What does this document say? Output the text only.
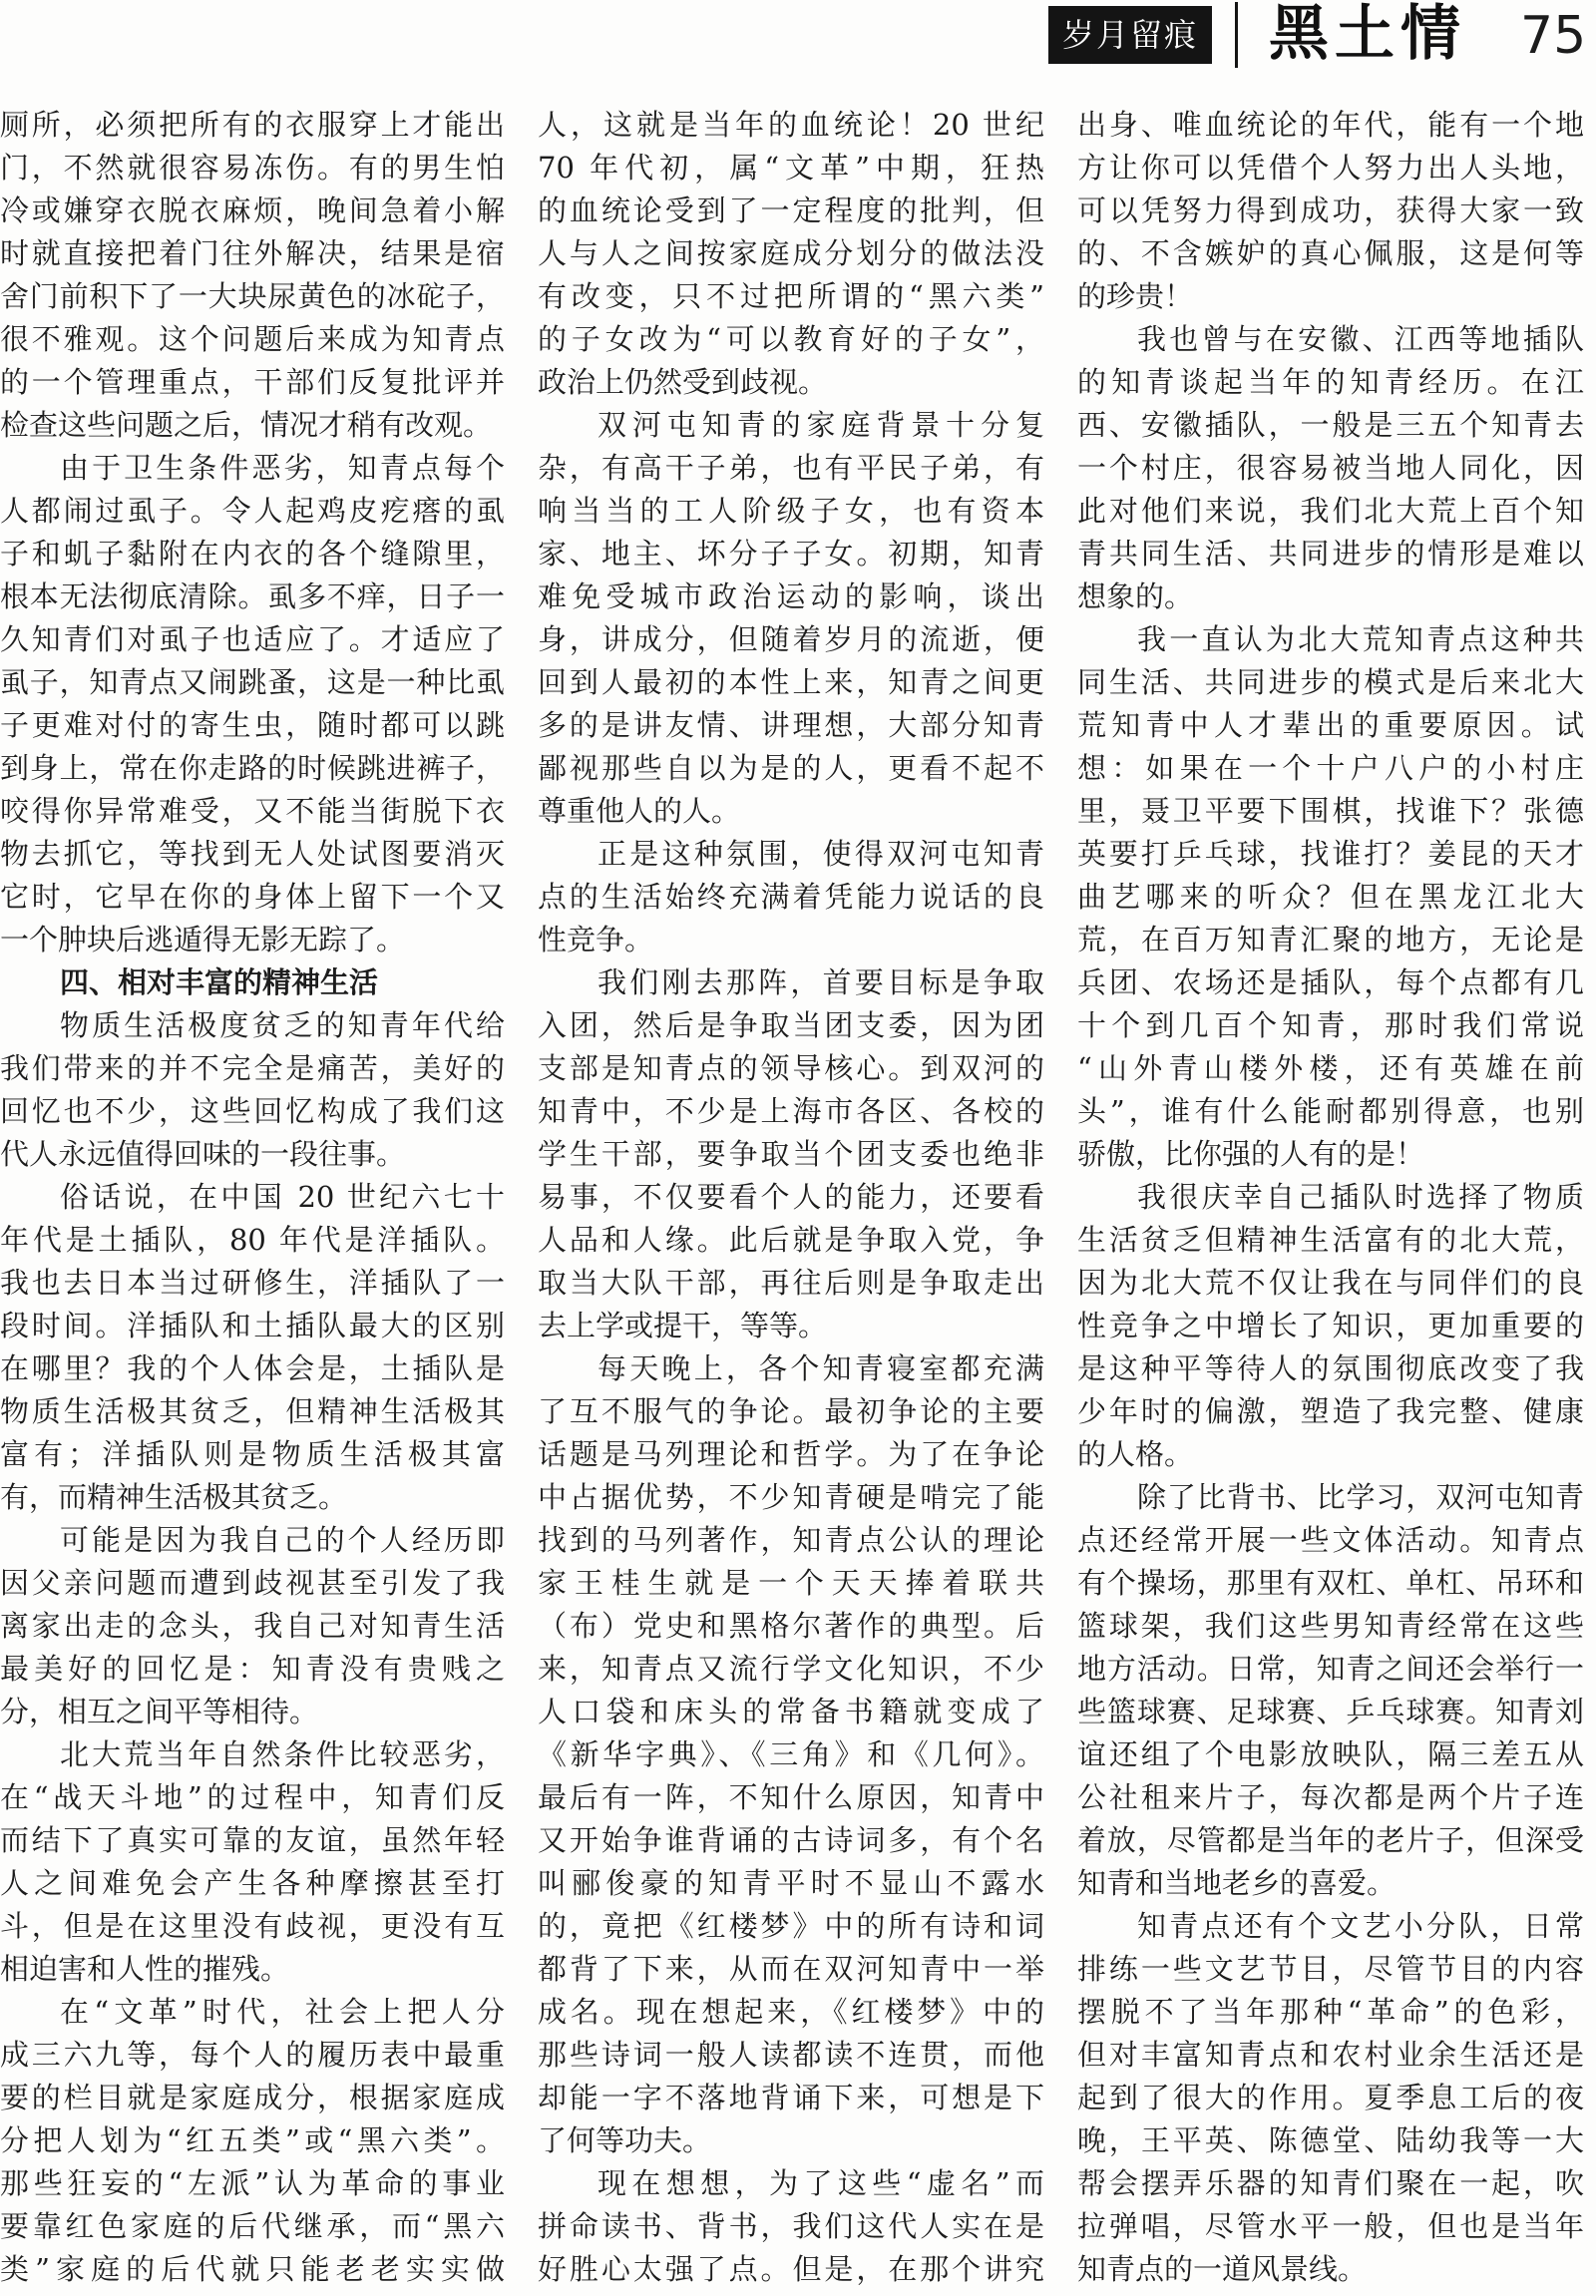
岁月留痕 黑土情 75
厕所，必须把所有的衣服穿上才能出
门，不然就很容易冻伤。有的男生怕
冷或嫌穿衣脱衣麻烦，晚间急着小解
时就直接把着门往外解决，结果是宿
舍门前积下了一大块尿黄色的冰砣子，
很不雅观。这个问题后来成为知青点
的一个管理重点，干部们反复批评并
检查这些问题之后，情况才稍有改观。
由于卫生条件恶劣，知青点每个
人都闹过虱子。令人起鸡皮疙瘩的虱
子和虮子黏附在内衣的各个缝隙里，
根本无法彻底清除。虱多不痒，日子一
久知青们对虱子也适应了。才适应了
虱子，知青点又闹跳蚤，这是一种比虱
子更难对付的寄生虫，随时都可以跳
到身上，常在你走路的时候跳进裤子，
咬得你异常难受，又不能当街脱下衣
物去抓它，等找到无人处试图要消灭
它时，它早在你的身体上留下一个又
一个肿块后逃遁得无影无踪了。
四、相对丰富的精神生活
物质生活极度贫乏的知青年代给
我们带来的并不完全是痛苦，美好的
回忆也不少，这些回忆构成了我们这
代人永远值得回味的一段往事。
俗话说，在中国 20 世纪六七十
年代是土插队，80 年代是洋插队。
我也去日本当过研修生，洋插队了一
段时间。洋插队和土插队最大的区别
在哪里？我的个人体会是，土插队是
物质生活极其贫乏，但精神生活极其
富有；洋插队则是物质生活极其富
有，而精神生活极其贫乏。
可能是因为我自己的个人经历即
因父亲问题而遭到歧视甚至引发了我
离家出走的念头，我自己对知青生活
最美好的回忆是：知青没有贵贱之
分，相互之间平等相待。
北大荒当年自然条件比较恶劣，
在“战天斗地”的过程中，知青们反
而结下了真实可靠的友谊，虽然年轻
人之间难免会产生各种摩擦甚至打
斗，但是在这里没有歧视，更没有互
相迫害和人性的摧残。
在“文革”时代，社会上把人分
成三六九等，每个人的履历表中最重
要的栏目就是家庭成分，根据家庭成
分把人划为“红五类”或“黑六类”。
那些狂妄的“左派”认为革命的事业
要靠红色家庭的后代继承，而“黑六
类”家庭的后代就只能老老实实做
人，这就是当年的血统论！20 世纪
70 年代初，属“文革”中期，狂热
的血统论受到了一定程度的批判，但
人与人之间按家庭成分划分的做法没
有改变，只不过把所谓的“黑六类”
的子女改为“可以教育好的子女”，
政治上仍然受到歧视。
双河屯知青的家庭背景十分复
杂，有高干子弟，也有平民子弟，有
响当当的工人阶级子女，也有资本
家、地主、坏分子子女。初期，知青
难免受城市政治运动的影响，谈出
身，讲成分，但随着岁月的流逝，便
回到人最初的本性上来，知青之间更
多的是讲友情、讲理想，大部分知青
鄙视那些自以为是的人，更看不起不
尊重他人的人。
正是这种氛围，使得双河屯知青
点的生活始终充满着凭能力说话的良
性竞争。
我们刚去那阵，首要目标是争取
入团，然后是争取当团支委，因为团
支部是知青点的领导核心。到双河的
知青中，不少是上海市各区、各校的
学生干部，要争取当个团支委也绝非
易事，不仅要看个人的能力，还要看
人品和人缘。此后就是争取入党，争
取当大队干部，再往后则是争取走出
去上学或提干，等等。
每天晚上，各个知青寝室都充满
了互不服气的争论。最初争论的主要
话题是马列理论和哲学。为了在争论
中占据优势，不少知青硬是啃完了能
找到的马列著作，知青点公认的理论
家王桂生就是一个天天捧着联共
（布）党史和黑格尔著作的典型。后
来，知青点又流行学文化知识，不少
人口袋和床头的常备书籍就变成了
《新华字典》、《三角》和《几何》。
最后有一阵，不知什么原因，知青中
又开始争谁背诵的古诗词多，有个名
叫郦俊豪的知青平时不显山不露水
的，竟把《红楼梦》中的所有诗和词
都背了下来，从而在双河知青中一举
成名。现在想起来，《红楼梦》中的
那些诗词一般人读都读不连贯，而他
却能一字不落地背诵下来，可想是下
了何等功夫。
现在想想，为了这些“虚名”而
拼命读书、背书，我们这代人实在是
好胜心太强了点。但是，在那个讲究
出身、唯血统论的年代，能有一个地
方让你可以凭借个人努力出人头地，
可以凭努力得到成功，获得大家一致
的、不含嫉妒的真心佩服，这是何等
的珍贵！
我也曾与在安徽、江西等地插队
的知青谈起当年的知青经历。在江
西、安徽插队，一般是三五个知青去
一个村庄，很容易被当地人同化，因
此对他们来说，我们北大荒上百个知
青共同生活、共同进步的情形是难以
想象的。
我一直认为北大荒知青点这种共
同生活、共同进步的模式是后来北大
荒知青中人才辈出的重要原因。试
想：如果在一个十户八户的小村庄
里，聂卫平要下围棋，找谁下？张德
英要打乒乓球，找谁打？姜昆的天才
曲艺哪来的听众？但在黑龙江北大
荒，在百万知青汇聚的地方，无论是
兵团、农场还是插队，每个点都有几
十个到几百个知青，那时我们常说
“山外青山楼外楼，还有英雄在前
头”，谁有什么能耐都别得意，也别
骄傲，比你强的人有的是！
我很庆幸自己插队时选择了物质
生活贫乏但精神生活富有的北大荒，
因为北大荒不仅让我在与同伴们的良
性竞争之中增长了知识，更加重要的
是这种平等待人的氛围彻底改变了我
少年时的偏激，塑造了我完整、健康
的人格。
除了比背书、比学习，双河屯知青
点还经常开展一些文体活动。知青点
有个操场，那里有双杠、单杠、吊环和
篮球架，我们这些男知青经常在这些
地方活动。日常，知青之间还会举行一
些篮球赛、足球赛、乒乓球赛。知青刘
谊还组了个电影放映队，隔三差五从
公社租来片子，每次都是两个片子连
着放，尽管都是当年的老片子，但深受
知青和当地老乡的喜爱。
知青点还有个文艺小分队，日常
排练一些文艺节目，尽管节目的内容
摆脱不了当年那种“革命”的色彩，
但对丰富知青点和农村业余生活还是
起到了很大的作用。夏季息工后的夜
晚，王平英、陈德堂、陆幼我等一大
帮会摆弄乐器的知青们聚在一起，吹
拉弹唱，尽管水平一般，但也是当年
知青点的一道风景线。
